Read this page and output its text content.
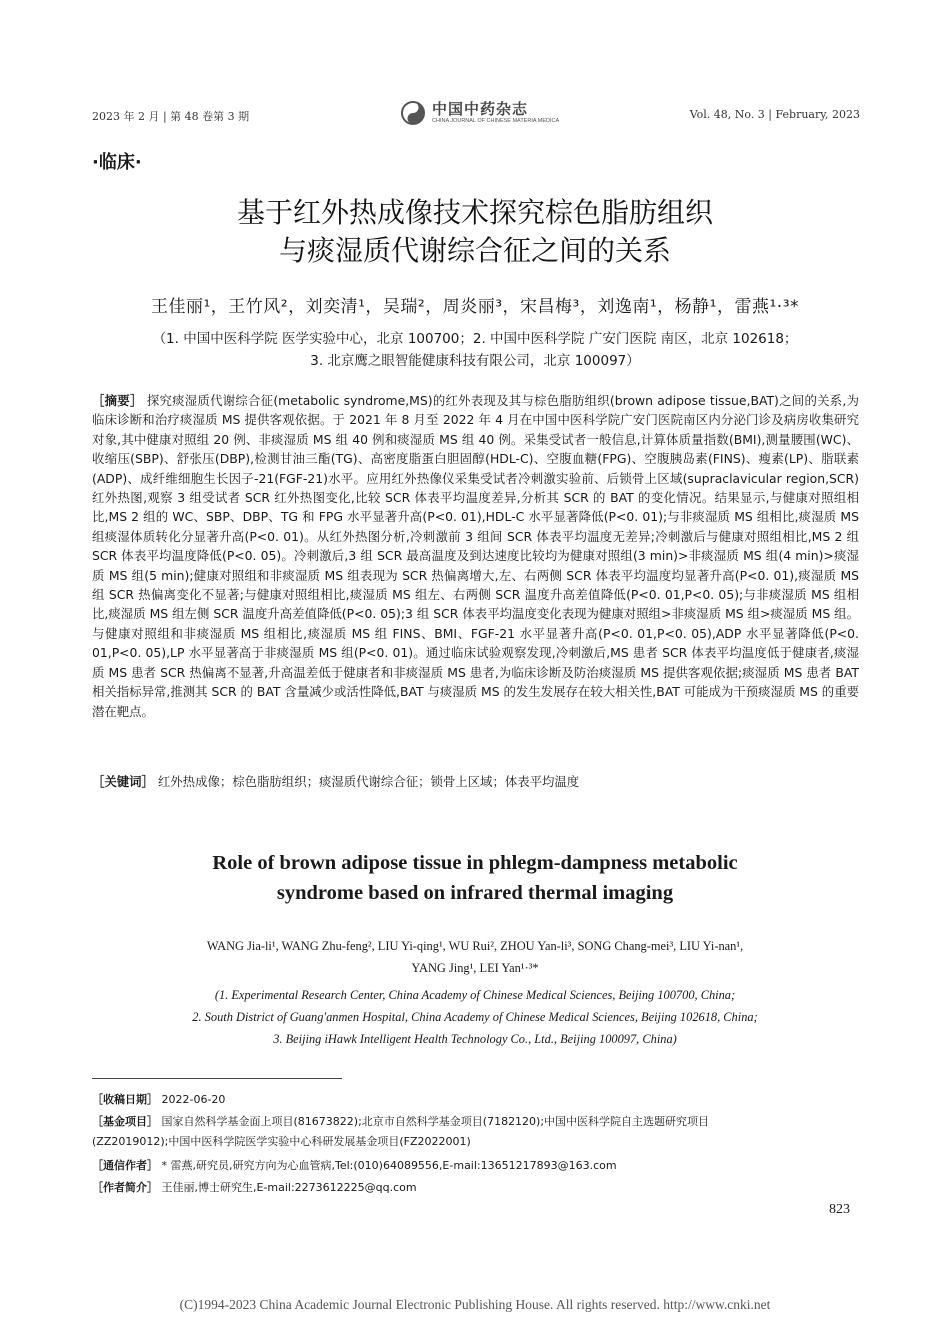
2023 年 2 月 | 第 48 卷第 3 期	中国中药杂志
CHINA JOURNAL OF CHINESE MATERIA MEDICA	Vol. 48, No. 3 | February, 2023
·临床·
基于红外热成像技术探究棕色脂肪组织
与痰湿质代谢综合征之间的关系
王佳丽¹，王竹风²，刘奕清¹，吴瑞²，周炎丽³，宋昌梅³，刘逸南¹，杨静¹，雷燕¹·³*
（1. 中国中医科学院 医学实验中心，北京 100700；2. 中国中医科学院 广安门医院 南区，北京 102618；
3. 北京鹰之眼智能健康科技有限公司，北京 100097）
［摘要］ 探究痰湿质代谢综合征(metabolic syndrome,MS)的红外表现及其与棕色脂肪组织(brown adipose tissue,BAT)之间的关系,为临床诊断和治疗痰湿质 MS 提供客观依据。于 2021 年 8 月至 2022 年 4 月在中国中医科学院广安门医院南区内分泌门诊及病房收集研究对象,其中健康对照组 20 例、非痰湿质 MS 组 40 例和痰湿质 MS 组 40 例。采集受试者一般信息,计算体质量指数(BMI),测量腰围(WC)、收缩压(SBP)、舒张压(DBP),检测甘油三酯(TG)、高密度脂蛋白胆固醇(HDL-C)、空腹血糖(FPG)、空腹胰岛素(FINS)、瘦素(LP)、脂联素(ADP)、成纤维细胞生长因子-21(FGF-21)水平。应用红外热像仪采集受试者冷刺激实验前、后锁骨上区域(supraclavicular region,SCR)红外热图,观察 3 组受试者 SCR 红外热图变化,比较 SCR 体表平均温度差异,分析其 SCR 的 BAT 的变化情况。结果显示,与健康对照组相比,MS 2 组的 WC、SBP、DBP、TG 和 FPG 水平显著升高(P<0. 01),HDL-C 水平显著降低(P<0. 01);与非痰湿质 MS 组相比,痰湿质 MS 组痰湿体质转化分显著升高(P<0. 01)。从红外热图分析,冷刺激前 3 组间 SCR 体表平均温度无差异;冷刺激后与健康对照组相比,MS 2 组 SCR 体表平均温度降低(P<0. 05)。冷刺激后,3 组 SCR 最高温度及到达速度比较均为健康对照组(3 min)>非痰湿质 MS 组(4 min)>痰湿质 MS 组(5 min);健康对照组和非痰湿质 MS 组表现为 SCR 热偏离增大,左、右两侧 SCR 体表平均温度均显著升高(P<0. 01),痰湿质 MS 组 SCR 热偏离变化不显著;与健康对照组相比,痰湿质 MS 组左、右两侧 SCR 温度升高差值降低(P<0. 01,P<0. 05);与非痰湿质 MS 组相比,痰湿质 MS 组左侧 SCR 温度升高差值降低(P<0. 05);3 组 SCR 体表平均温度变化表现为健康对照组>非痰湿质 MS 组>痰湿质 MS 组。与健康对照组和非痰湿质 MS 组相比,痰湿质 MS 组 FINS、BMI、FGF-21 水平显著升高(P<0. 01,P<0. 05),ADP 水平显著降低(P<0. 01,P<0. 05),LP 水平显著高于非痰湿质 MS 组(P<0. 01)。通过临床试验观察发现,冷刺激后,MS 患者 SCR 体表平均温度低于健康者,痰湿质 MS 患者 SCR 热偏离不显著,升高温差低于健康者和非痰湿质 MS 患者,为临床诊断及防治痰湿质 MS 提供客观依据;痰湿质 MS 患者 BAT 相关指标异常,推测其 SCR 的 BAT 含量减少或活性降低,BAT 与痰湿质 MS 的发生发展存在较大相关性,BAT 可能成为干预痰湿质 MS 的重要潜在靶点。
［关键词］ 红外热成像；棕色脂肪组织；痰湿质代谢综合征；锁骨上区域；体表平均温度
Role of brown adipose tissue in phlegm-dampness metabolic
syndrome based on infrared thermal imaging
WANG Jia-li¹, WANG Zhu-feng², LIU Yi-qing¹, WU Rui², ZHOU Yan-li³, SONG Chang-mei³, LIU Yi-nan¹,
YANG Jing¹, LEI Yan¹·³*
(1. Experimental Research Center, China Academy of Chinese Medical Sciences, Beijing 100700, China;
2. South District of Guang'anmen Hospital, China Academy of Chinese Medical Sciences, Beijing 102618, China;
3. Beijing iHawk Intelligent Health Technology Co., Ltd., Beijing 100097, China)
［收稿日期］ 2022-06-20
［基金项目］ 国家自然科学基金面上项目(81673822);北京市自然科学基金项目(7182120);中国中医科学院自主选题研究项目
(ZZ2019012);中国中医科学院医学实验中心科研发展基金项目(FZ2022001)
［通信作者］ * 雷燕,研究员,研究方向为心血管病,Tel:(010)64089556,E-mail:13651217893@163.com
［作者简介］ 王佳丽,博士研究生,E-mail:2273612225@qq.com
823
(C)1994-2023 China Academic Journal Electronic Publishing House. All rights reserved. http://www.cnki.net
